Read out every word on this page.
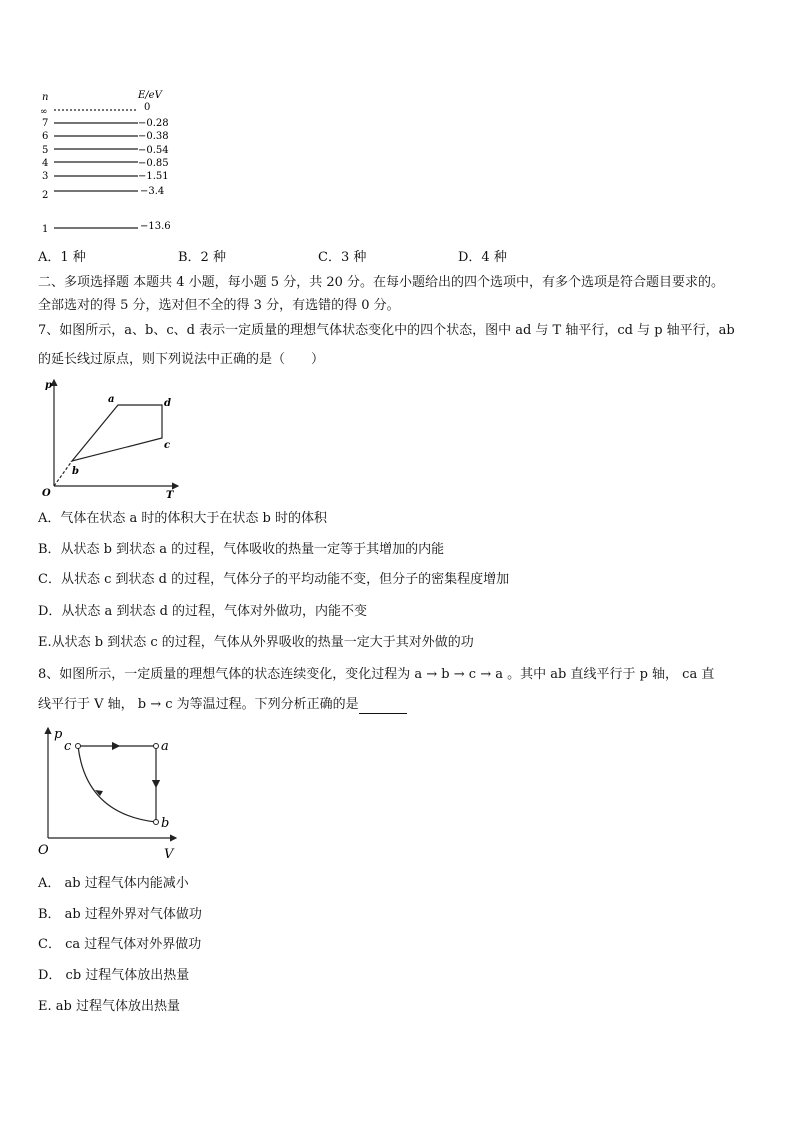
n	E/eV
∞	0
7	−0.28
6	−0.38
5	−0.54
4	−0.85
3	−1.51
2	−3.4
1	−13.6
A．1 种	B．2 种	C．3 种	D．4 种
二、多项选择题 本题共 4 小题，每小题 5 分，共 20 分。在每小题给出的四个选项中，有多个选项是符合题目要求的。
全部选对的得 5 分，选对但不全的得 3 分，有选错的得 0 分。
7、如图所示，a、b、c、d 表示一定质量的理想气体状态变化中的四个状态，图中 ad 与 T 轴平行，cd 与 p 轴平行，ab
的延长线过原点，则下列说法中正确的是（　　）
p
T
O
a
b
c
d
A．气体在状态 a 时的体积大于在状态 b 时的体积
B．从状态 b 到状态 a 的过程，气体吸收的热量一定等于其增加的内能
C．从状态 c 到状态 d 的过程，气体分子的平均动能不变，但分子的密集程度增加
D．从状态 a 到状态 d 的过程，气体对外做功，内能不变
E.从状态 b 到状态 c 的过程，气体从外界吸收的热量一定大于其对外做的功
8、如图所示，一定质量的理想气体的状态连续变化，变化过程为 a → b → c → a 。其中 ab 直线平行于 p 轴， ca 直
线平行于 V 轴， b → c 为等温过程。下列分析正确的是
p
V
O
c	a
b
A． ab 过程气体内能减小
B． ab 过程外界对气体做功
C． ca 过程气体对外界做功
D． cb 过程气体放出热量
E. ab 过程气体放出热量
